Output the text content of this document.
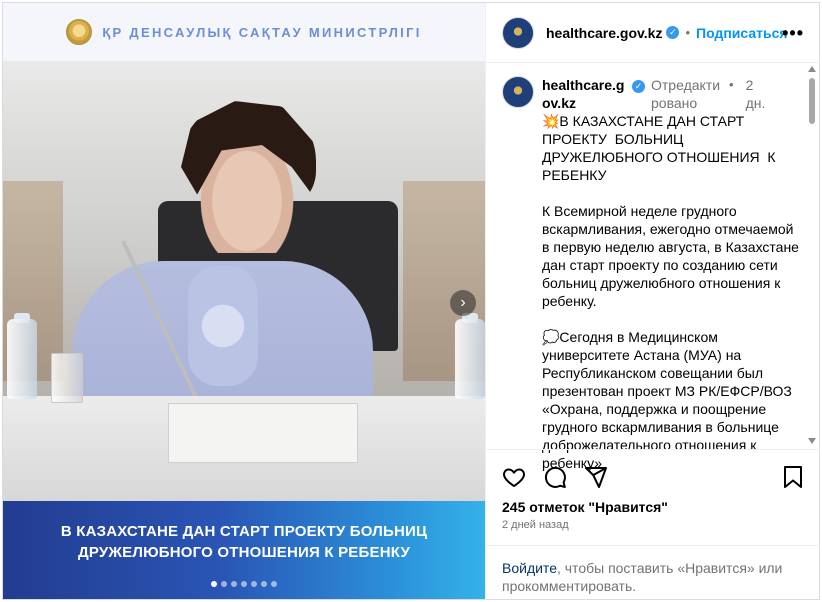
ҚР ДЕНСАУЛЫҚ САҚТАУ МИНИСТРЛІГІ
›
В КАЗАХСТАНЕ ДАН СТАРТ ПРОЕКТУ БОЛЬНИЦ
ДРУЖЕЛЮБНОГО ОТНОШЕНИЯ К РЕБЕНКУ
healthcare.gov.kz ✓ • Подписаться
•••
healthcare.gov.kz
✓ Отредактировано
• 2 дн.
💥В КАЗАХСТАНЕ ДАН СТАРТ ПРОЕКТУ  БОЛЬНИЦ ДРУЖЕЛЮБНОГО ОТНОШЕНИЯ  К РЕБЕНКУ

К Всемирной неделе грудного вскармливания, ежегодно отмечаемой в первую неделю августа, в Казахстане дан старт проекту по созданию сети больниц дружелюбного отношения к ребенку.

💭Сегодня в Медицинском университете Астана (МУА) на Республиканском совещании был презентован проект МЗ РК/ЕФСР/ВОЗ «Охрана, поддержка и поощрение грудного вскармливания в больнице доброжелательного отношения к ребенку»
245 отметок "Нравится"
2 дней назад
Войдите, чтобы поставить «Нравится» или прокомментировать.
